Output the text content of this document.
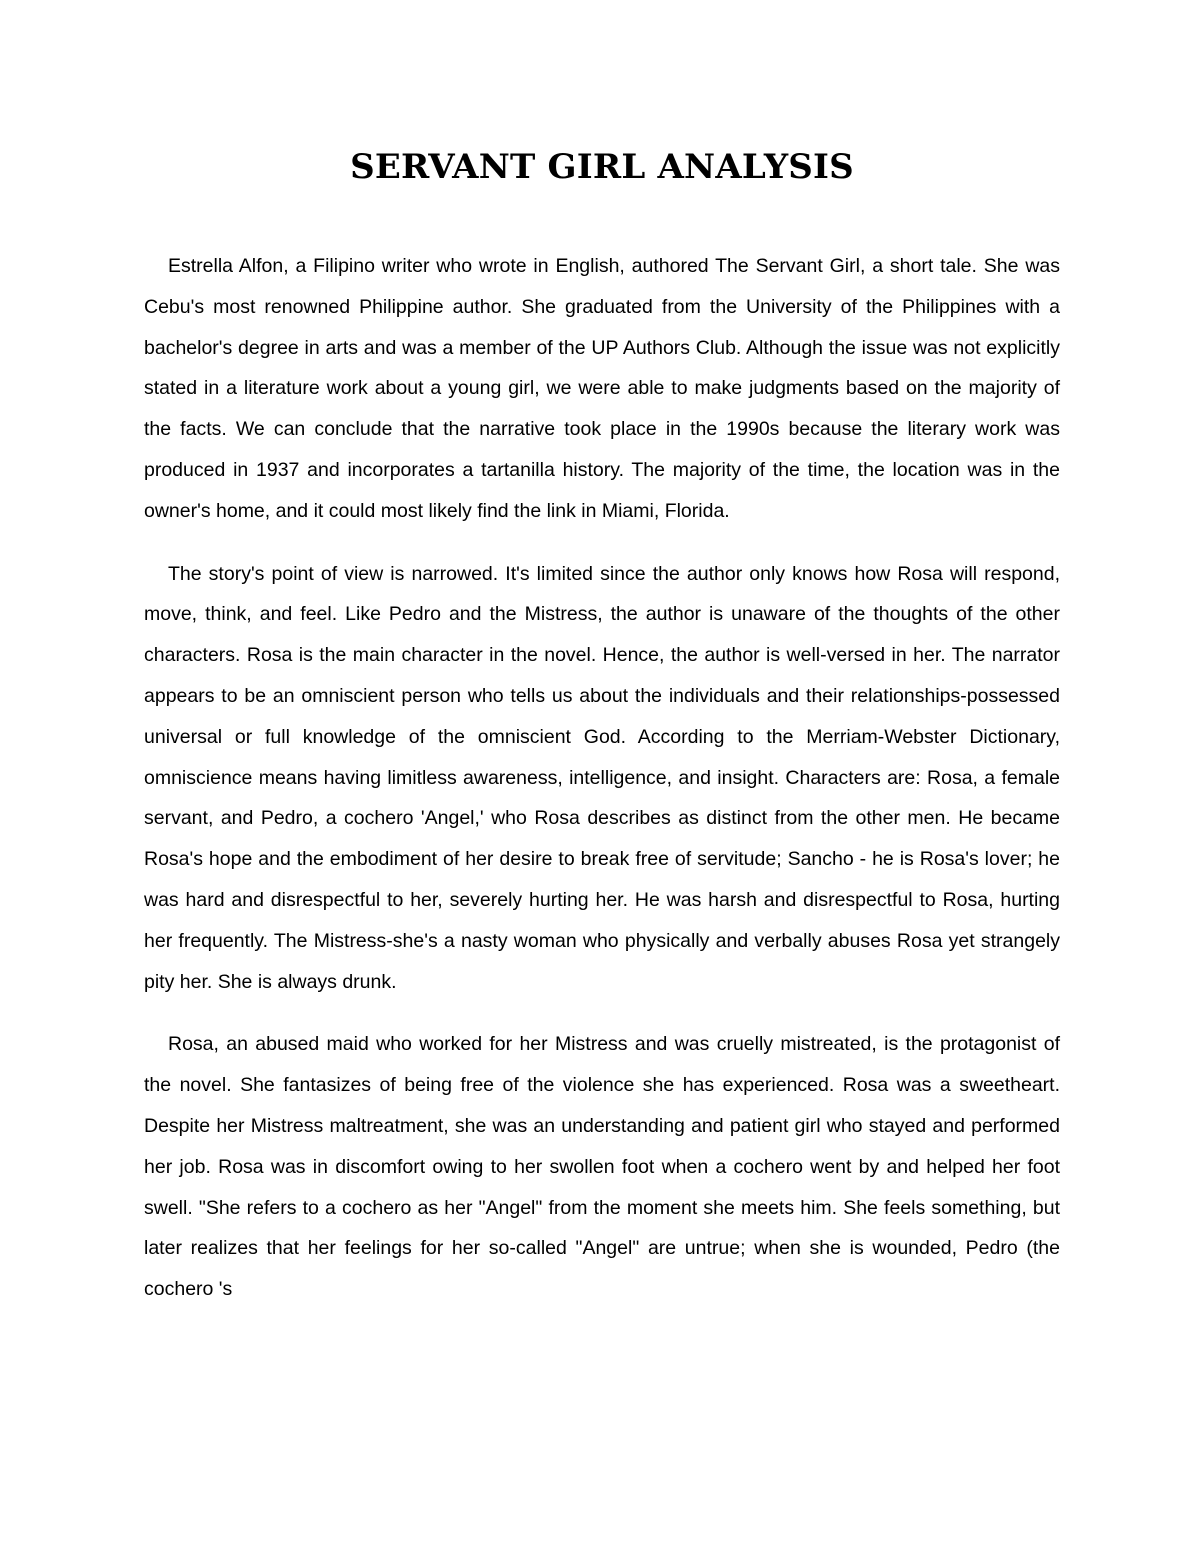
SERVANT GIRL ANALYSIS

Estrella Alfon, a Filipino writer who wrote in English, authored The Servant Girl, a short tale. She was Cebu's most renowned Philippine author. She graduated from the University of the Philippines with a bachelor's degree in arts and was a member of the UP Authors Club. Although the issue was not explicitly stated in a literature work about a young girl, we were able to make judgments based on the majority of the facts. We can conclude that the narrative took place in the 1990s because the literary work was produced in 1937 and incorporates a tartanilla history. The majority of the time, the location was in the owner's home, and it could most likely find the link in Miami, Florida.

The story's point of view is narrowed. It's limited since the author only knows how Rosa will respond, move, think, and feel. Like Pedro and the Mistress, the author is unaware of the thoughts of the other characters. Rosa is the main character in the novel. Hence, the author is well-versed in her. The narrator appears to be an omniscient person who tells us about the individuals and their relationships-possessed universal or full knowledge of the omniscient God. According to the Merriam-Webster Dictionary, omniscience means having limitless awareness, intelligence, and insight. Characters are: Rosa, a female servant, and Pedro, a cochero 'Angel,' who Rosa describes as distinct from the other men. He became Rosa's hope and the embodiment of her desire to break free of servitude; Sancho - he is Rosa's lover; he was hard and disrespectful to her, severely hurting her. He was harsh and disrespectful to Rosa, hurting her frequently. The Mistress-she's a nasty woman who physically and verbally abuses Rosa yet strangely pity her. She is always drunk.

Rosa, an abused maid who worked for her Mistress and was cruelly mistreated, is the protagonist of the novel. She fantasizes of being free of the violence she has experienced. Rosa was a sweetheart. Despite her Mistress maltreatment, she was an understanding and patient girl who stayed and performed her job. Rosa was in discomfort owing to her swollen foot when a cochero went by and helped her foot swell. "She refers to a cochero as her "Angel" from the moment she meets him. She feels something, but later realizes that her feelings for her so-called "Angel" are untrue; when she is wounded, Pedro (the cochero 's
